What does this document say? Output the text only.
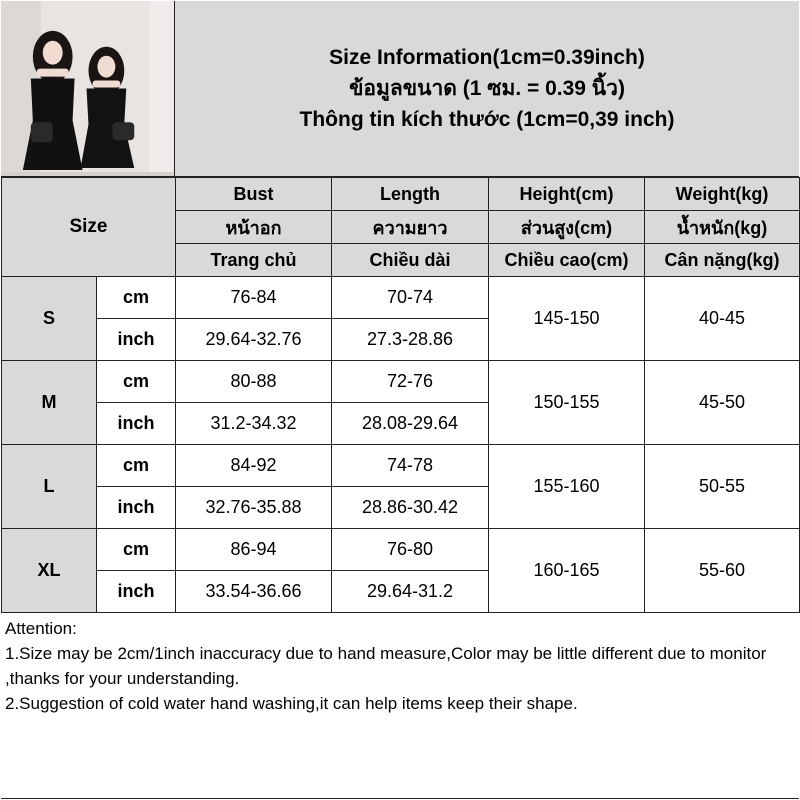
Size Information(1cm=0.39inch)
ข้อมูลขนาด (1 ซม. = 0.39 นิ้ว)
Thông tin kích thước (1cm=0,39 inch)
Size		Bust	Length	Height(cm)	Weight(kg)
		หน้าอก	ความยาว	ส่วนสูง(cm)	น้ำหนัก(kg)
		Trang chủ	Chiều dài	Chiều cao(cm)	Cân nặng(kg)
S	cm	76-84	70-74	145-150	40-45
	inch	29.64-32.76	27.3-28.86		
M	cm	80-88	72-76	150-155	45-50
	inch	31.2-34.32	28.08-29.64		
L	cm	84-92	74-78	155-160	50-55
	inch	32.76-35.88	28.86-30.42		
XL	cm	86-94	76-80	160-165	55-60
	inch	33.54-36.66	29.64-31.2		
Attention:
1.Size may be 2cm/1inch inaccuracy due to hand measure,Color may be little different due to monitor ,thanks for your understanding.
2.Suggestion of cold water hand washing,it can help items keep their shape.
